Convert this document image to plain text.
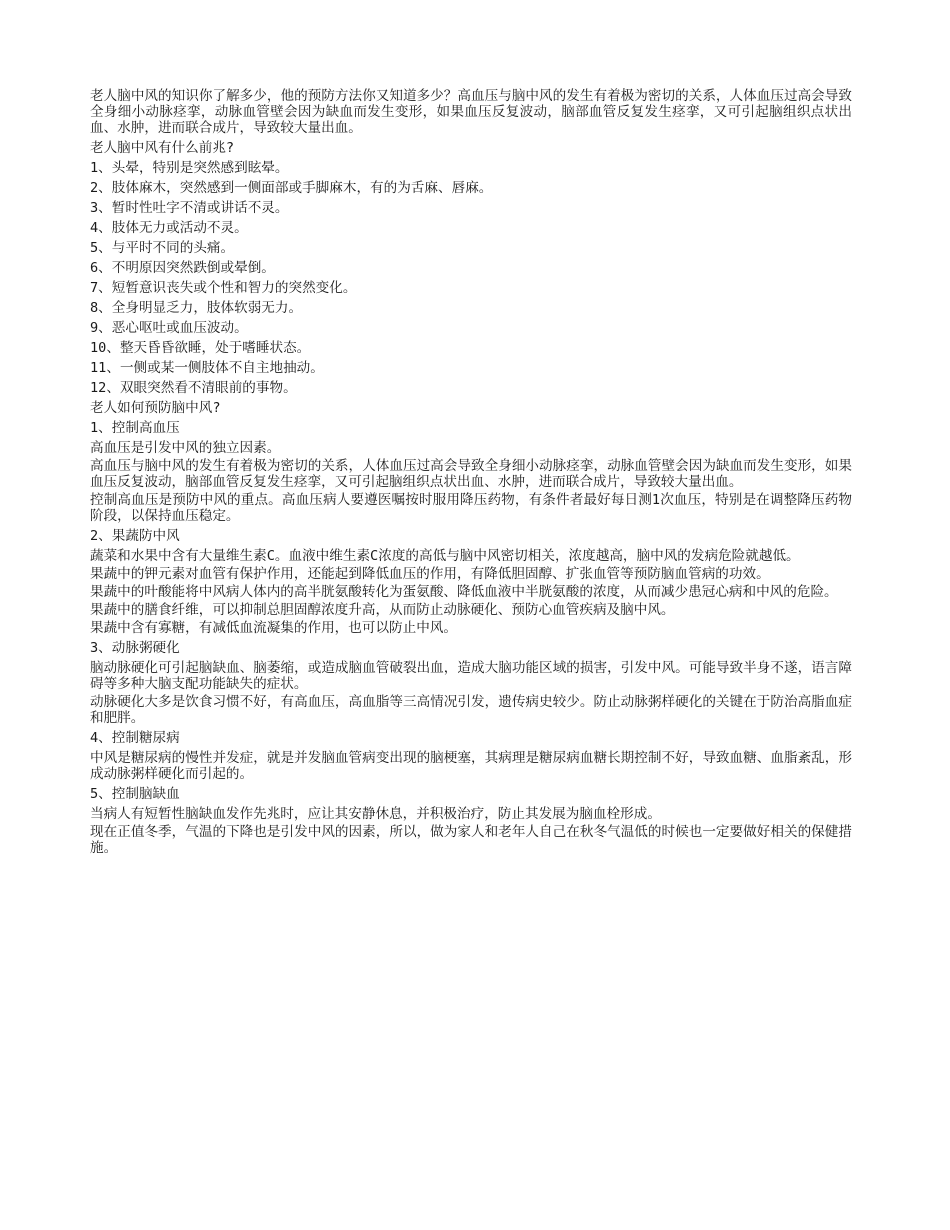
老人脑中风的知识你了解多少，他的预防方法你又知道多少？高血压与脑中风的发生有着极为密切的关系，人体血压过高会导致全身细小动脉痉挛，动脉血管壁会因为缺血而发生变形，如果血压反复波动，脑部血管反复发生痉挛，又可引起脑组织点状出血、水肿，进而联合成片，导致较大量出血。

老人脑中风有什么前兆?

1、头晕，特别是突然感到眩晕。

2、肢体麻木，突然感到一侧面部或手脚麻木，有的为舌麻、唇麻。

3、暂时性吐字不清或讲话不灵。

4、肢体无力或活动不灵。

5、与平时不同的头痛。

6、不明原因突然跌倒或晕倒。

7、短暂意识丧失或个性和智力的突然变化。

8、全身明显乏力，肢体软弱无力。

9、恶心呕吐或血压波动。

10、整天昏昏欲睡，处于嗜睡状态。

11、一侧或某一侧肢体不自主地抽动。

12、双眼突然看不清眼前的事物。

老人如何预防脑中风?

1、控制高血压

高血压是引发中风的独立因素。

高血压与脑中风的发生有着极为密切的关系，人体血压过高会导致全身细小动脉痉挛，动脉血管壁会因为缺血而发生变形，如果血压反复波动，脑部血管反复发生痉挛，又可引起脑组织点状出血、水肿，进而联合成片，导致较大量出血。

控制高血压是预防中风的重点。高血压病人要遵医嘱按时服用降压药物，有条件者最好每日测1次血压，特别是在调整降压药物阶段，以保持血压稳定。

2、果蔬防中风

蔬菜和水果中含有大量维生素C。血液中维生素C浓度的高低与脑中风密切相关，浓度越高，脑中风的发病危险就越低。

果蔬中的钾元素对血管有保护作用，还能起到降低血压的作用，有降低胆固醇、扩张血管等预防脑血管病的功效。

果蔬中的叶酸能将中风病人体内的高半胱氨酸转化为蛋氨酸、降低血液中半胱氨酸的浓度，从而减少患冠心病和中风的危险。

果蔬中的膳食纤维，可以抑制总胆固醇浓度升高，从而防止动脉硬化、预防心血管疾病及脑中风。

果蔬中含有寡糖，有减低血流凝集的作用，也可以防止中风。

3、动脉粥硬化

脑动脉硬化可引起脑缺血、脑萎缩，或造成脑血管破裂出血，造成大脑功能区域的损害，引发中风。可能导致半身不遂，语言障碍等多种大脑支配功能缺失的症状。

动脉硬化大多是饮食习惯不好，有高血压，高血脂等三高情况引发，遗传病史较少。防止动脉粥样硬化的关键在于防治高脂血症和肥胖。

4、控制糖尿病

中风是糖尿病的慢性并发症，就是并发脑血管病变出现的脑梗塞，其病理是糖尿病血糖长期控制不好，导致血糖、血脂紊乱，形成动脉粥样硬化而引起的。

5、控制脑缺血

当病人有短暂性脑缺血发作先兆时，应让其安静休息，并积极治疗，防止其发展为脑血栓形成。

现在正值冬季，气温的下降也是引发中风的因素，所以，做为家人和老年人自己在秋冬气温低的时候也一定要做好相关的保健措施。
